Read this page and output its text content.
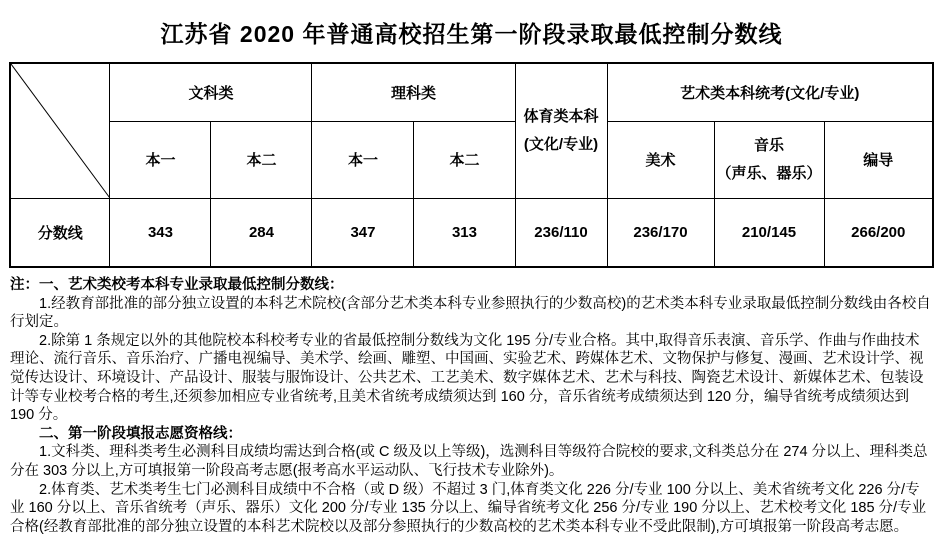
江苏省 2020 年普通高校招生第一阶段录取最低控制分数线
	文科类		理科类		体育类本科
(文化/专业)	艺术类本科统考(文化/专业)		
	本一	本二	本一	本二		美术	音乐
（声乐、器乐）	编导
分数线	343	284	347	313	236/110	236/170	210/145	266/200

注：一、艺术类校考本科专业录取最低控制分数线：

1.经教育部批准的部分独立设置的本科艺术院校(含部分艺术类本科专业参照执行的少数高校)的艺术类本科专业录取最低控制分数线由各校自行划定。

2.除第 1 条规定以外的其他院校本科校考专业的省最低控制分数线为文化 195 分/专业合格。其中,取得音乐表演、音乐学、作曲与作曲技术理论、流行音乐、音乐治疗、广播电视编导、美术学、绘画、雕塑、中国画、实验艺术、跨媒体艺术、文物保护与修复、漫画、艺术设计学、视觉传达设计、环境设计、产品设计、服装与服饰设计、公共艺术、工艺美术、数字媒体艺术、艺术与科技、陶瓷艺术设计、新媒体艺术、包装设计等专业校考合格的考生,还须参加相应专业省统考,且美术省统考成绩须达到 160 分，音乐省统考成绩须达到 120 分，编导省统考成绩须达到 190 分。

二、第一阶段填报志愿资格线：

1.文科类、理科类考生必测科目成绩均需达到合格(或 C 级及以上等级)，选测科目等级符合院校的要求,文科类总分在 274 分以上、理科类总分在 303 分以上,方可填报第一阶段高考志愿(报考高水平运动队、飞行技术专业除外)。

2.体育类、艺术类考生七门必测科目成绩中不合格（或 D 级）不超过 3 门,体育类文化 226 分/专业 100 分以上、美术省统考文化 226 分/专业 160 分以上、音乐省统考（声乐、器乐）文化 200 分/专业 135 分以上、编导省统考文化 256 分/专业 190 分以上、艺术校考文化 185 分/专业合格(经教育部批准的部分独立设置的本科艺术院校以及部分参照执行的少数高校的艺术类本科专业不受此限制),方可填报第一阶段高考志愿。
